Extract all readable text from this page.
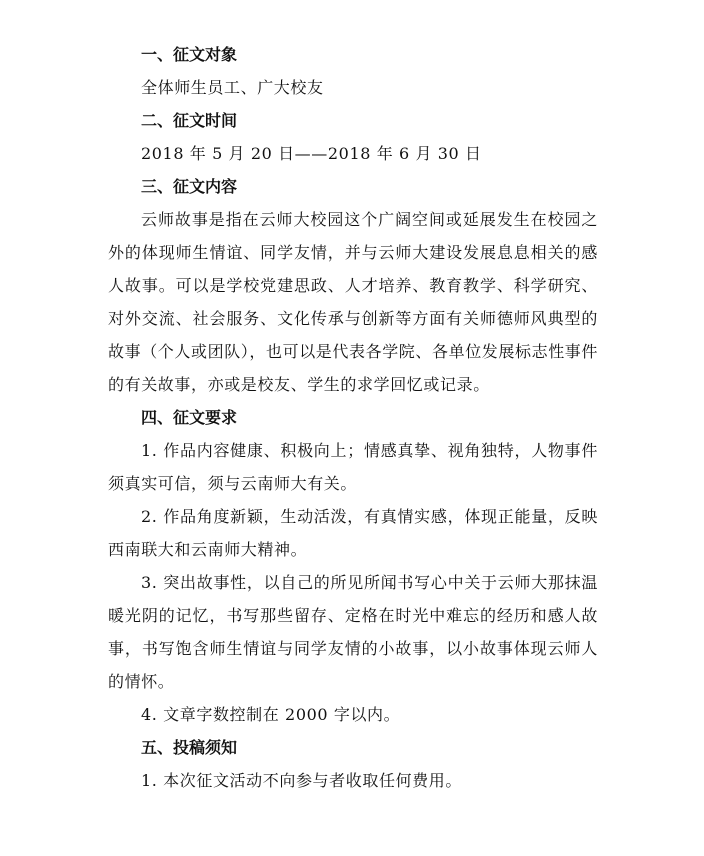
一、征文对象
全体师生员工、广大校友
二、征文时间
2018 年 5 月 20 日——2018 年 6 月 30 日
三、征文内容
云师故事是指在云师大校园这个广阔空间或延展发生在校园之外的体现师生情谊、同学友情，并与云师大建设发展息息相关的感人故事。可以是学校党建思政、人才培养、教育教学、科学研究、对外交流、社会服务、文化传承与创新等方面有关师德师风典型的故事（个人或团队），也可以是代表各学院、各单位发展标志性事件的有关故事，亦或是校友、学生的求学回忆或记录。
四、征文要求
1. 作品内容健康、积极向上；情感真挚、视角独特，人物事件须真实可信，须与云南师大有关。
2. 作品角度新颖，生动活泼，有真情实感，体现正能量，反映西南联大和云南师大精神。
3. 突出故事性，以自己的所见所闻书写心中关于云师大那抹温暖光阴的记忆，书写那些留存、定格在时光中难忘的经历和感人故事，书写饱含师生情谊与同学友情的小故事，以小故事体现云师人的情怀。
4. 文章字数控制在 2000 字以内。
五、投稿须知
1. 本次征文活动不向参与者收取任何费用。
